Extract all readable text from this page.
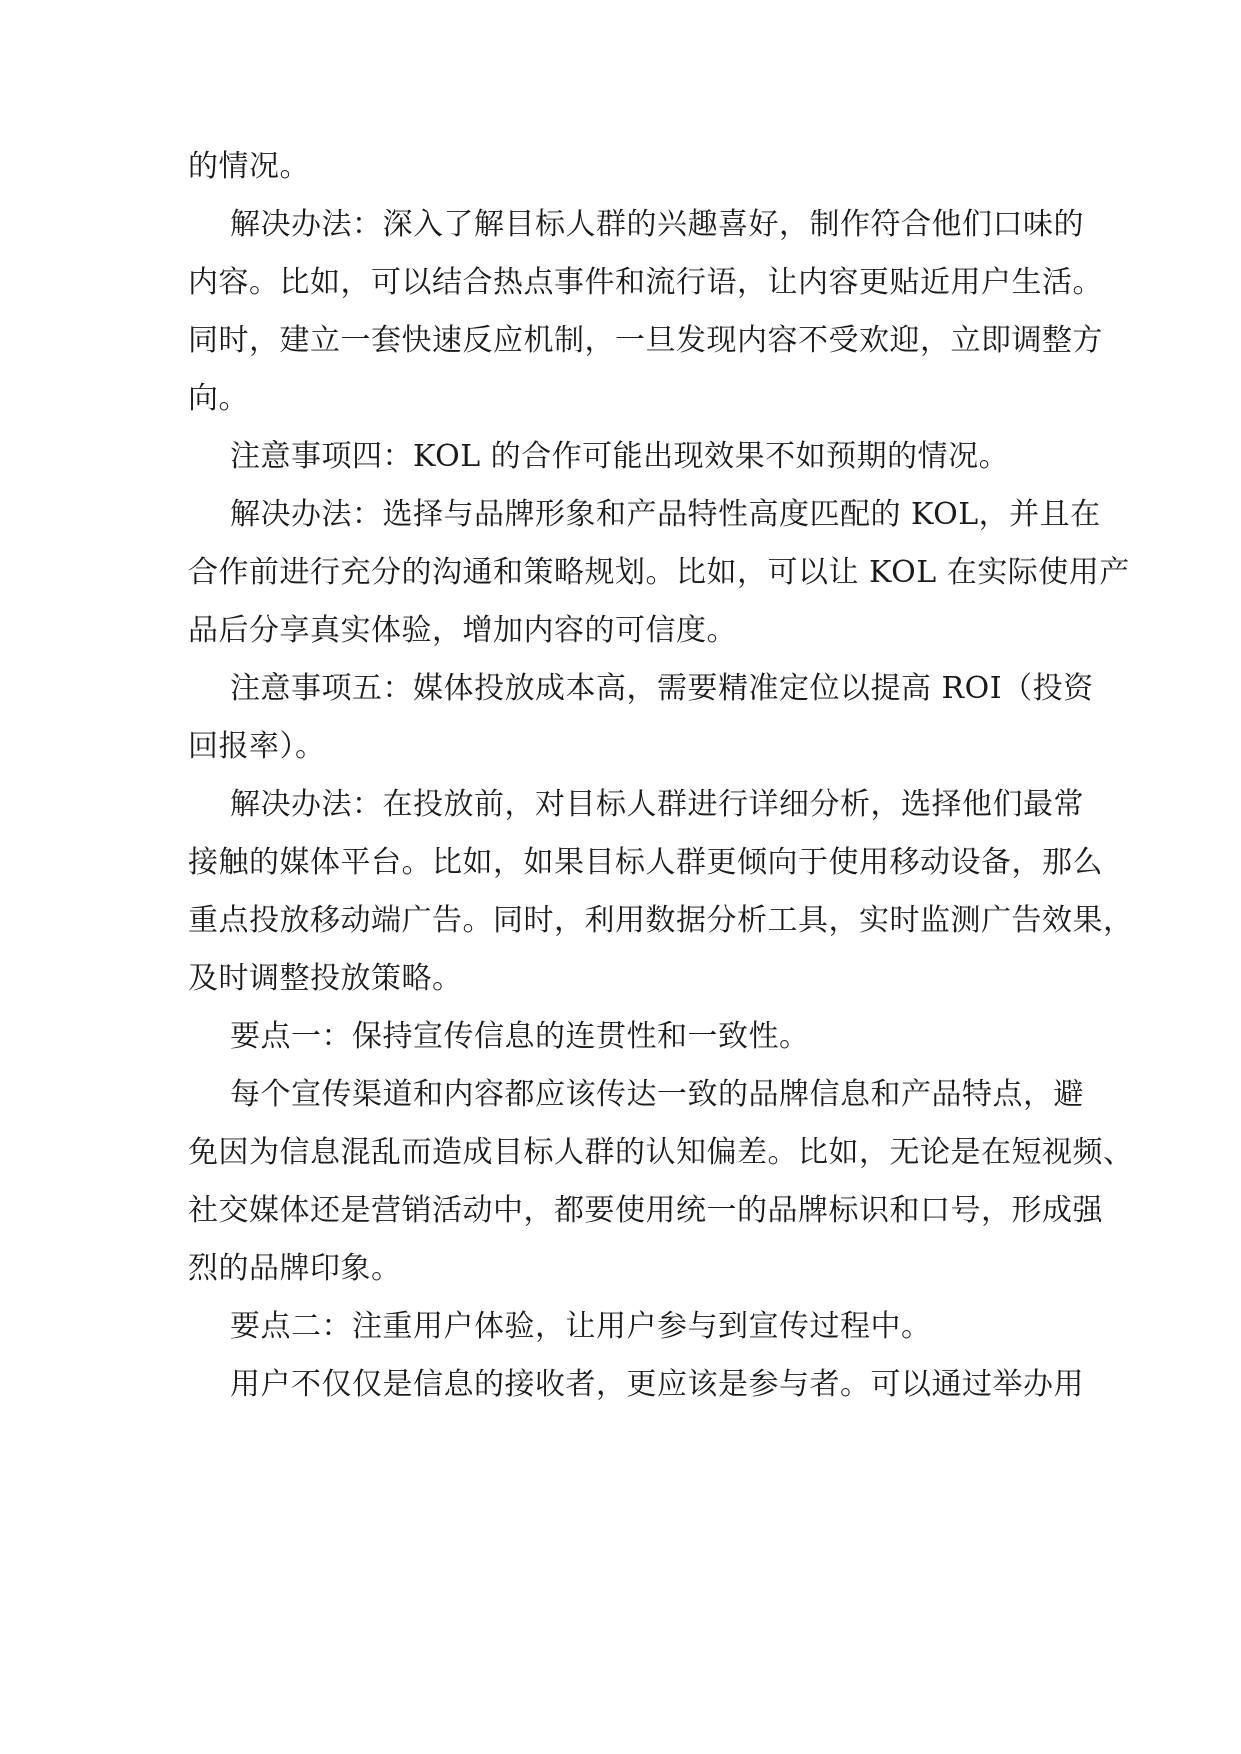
的情况。

解决办法：深入了解目标人群的兴趣喜好，制作符合他们口味的

内容。比如，可以结合热点事件和流行语，让内容更贴近用户生活。

同时，建立一套快速反应机制，一旦发现内容不受欢迎，立即调整方

向。

注意事项四：KOL 的合作可能出现效果不如预期的情况。

解决办法：选择与品牌形象和产品特性高度匹配的 KOL，并且在

合作前进行充分的沟通和策略规划。比如，可以让 KOL 在实际使用产

品后分享真实体验，增加内容的可信度。

注意事项五：媒体投放成本高，需要精准定位以提高 ROI（投资

回报率）。

解决办法：在投放前，对目标人群进行详细分析，选择他们最常

接触的媒体平台。比如，如果目标人群更倾向于使用移动设备，那么

重点投放移动端广告。同时，利用数据分析工具，实时监测广告效果，

及时调整投放策略。

要点一：保持宣传信息的连贯性和一致性。

每个宣传渠道和内容都应该传达一致的品牌信息和产品特点，避

免因为信息混乱而造成目标人群的认知偏差。比如，无论是在短视频、

社交媒体还是营销活动中，都要使用统一的品牌标识和口号，形成强

烈的品牌印象。

要点二：注重用户体验，让用户参与到宣传过程中。

用户不仅仅是信息的接收者，更应该是参与者。可以通过举办用
